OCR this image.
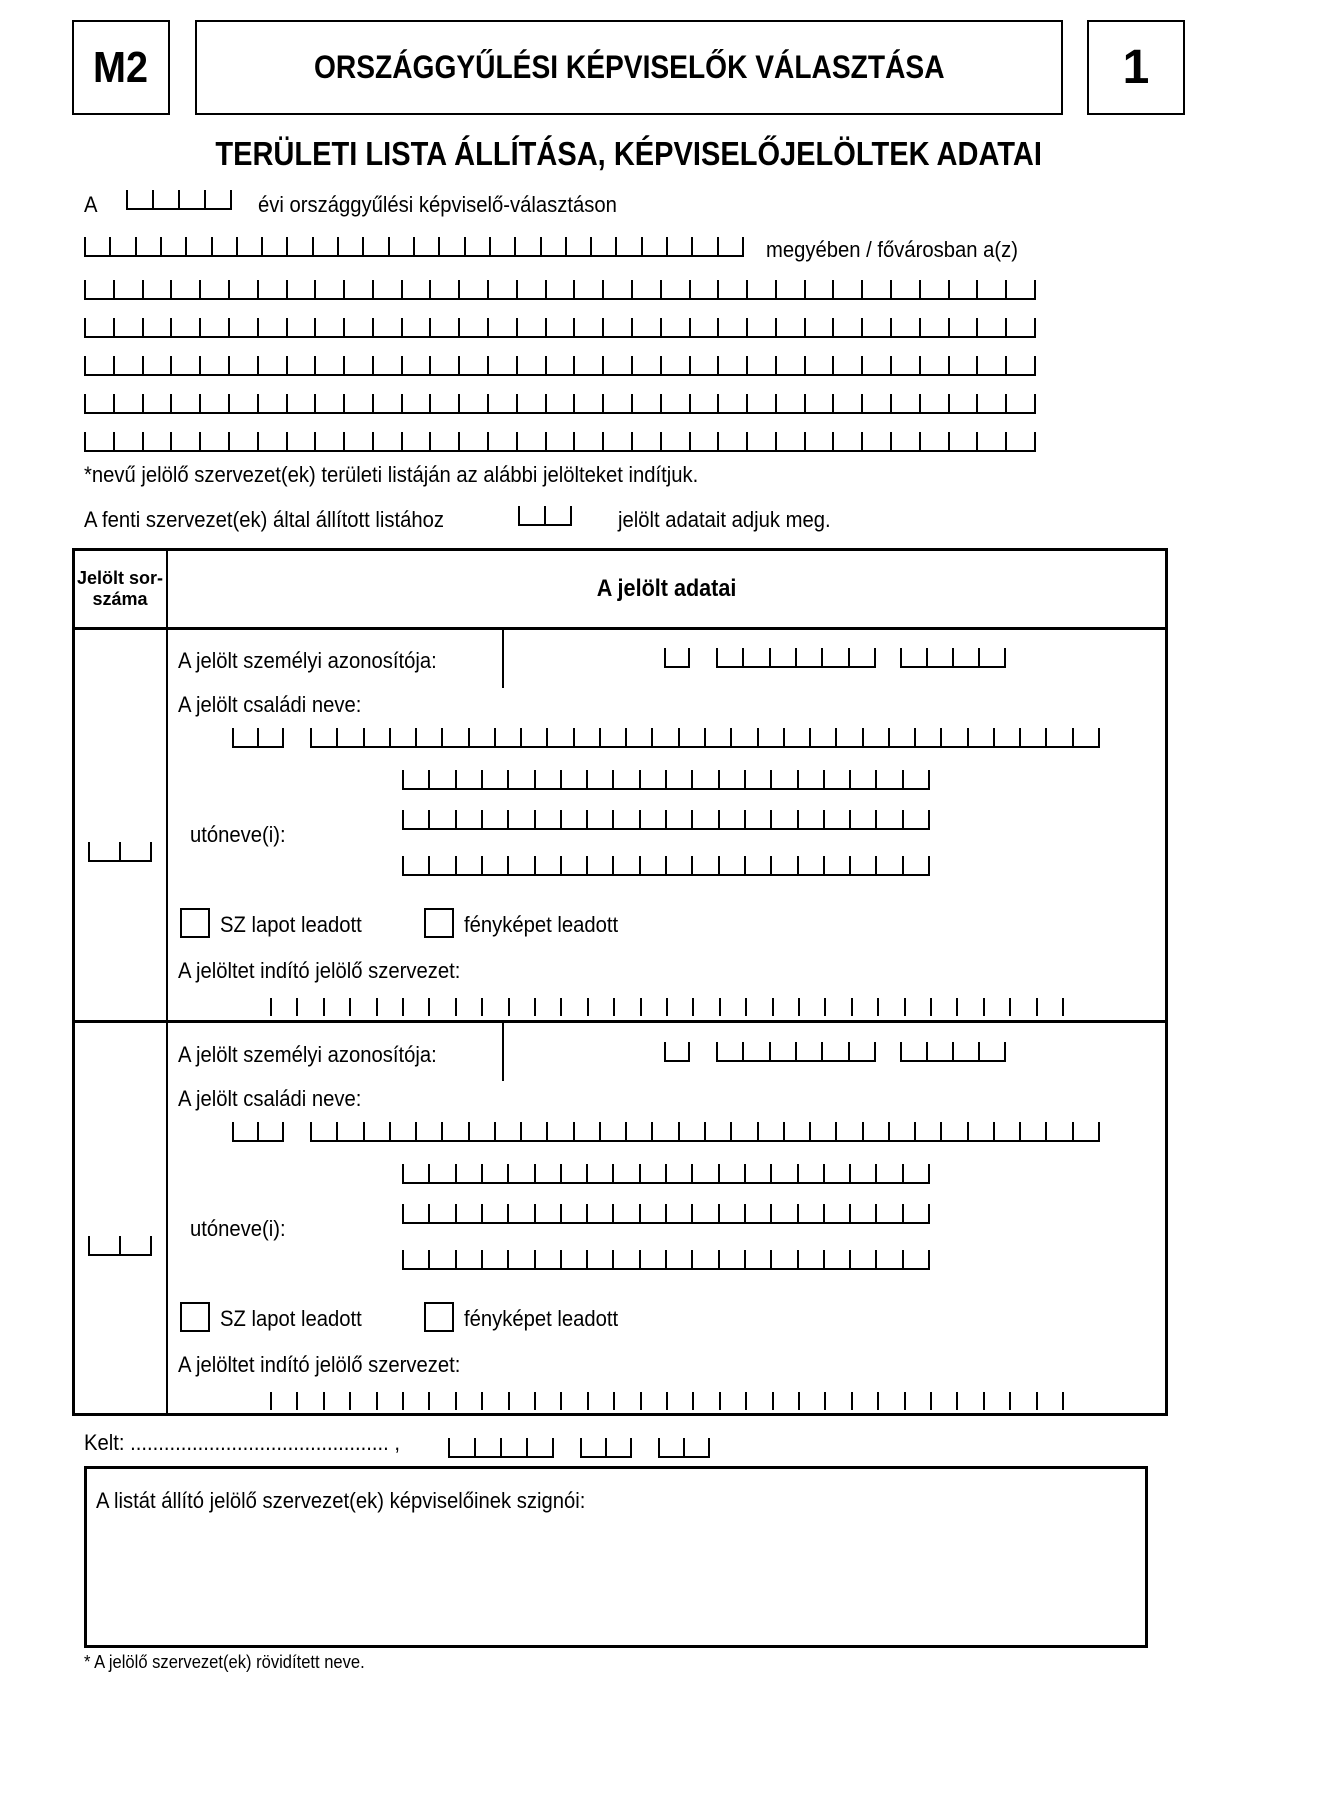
M2	ORSZÁGGYŰLÉSI KÉPVISELŐK VÁLASZTÁSA	1
TERÜLETI LISTA ÁLLÍTÁSA, KÉPVISELŐJELÖLTEK ADATAI
A	évi országgyűlési képviselő-választáson
megyében / fővárosban a(z)
*nevű jelölő szervezet(ek) területi listáján az alábbi jelölteket indítjuk.
A fenti szervezet(ek) által állított listához	jelölt adatait adjuk meg.
Jelölt sor-
száma	A jelölt adatai
A jelölt személyi azonosítója:
A jelölt családi neve:
utóneve(i):
SZ lapot leadott	fényképet leadott
A jelöltet indító jelölő szervezet:
A jelölt személyi azonosítója:
A jelölt családi neve:
utóneve(i):
SZ lapot leadott	fényképet leadott
A jelöltet indító jelölő szervezet:
Kelt: .............................................. ,
A listát állító jelölő szervezet(ek) képviselőinek szignói:
* A jelölő szervezet(ek) rövidített neve.
